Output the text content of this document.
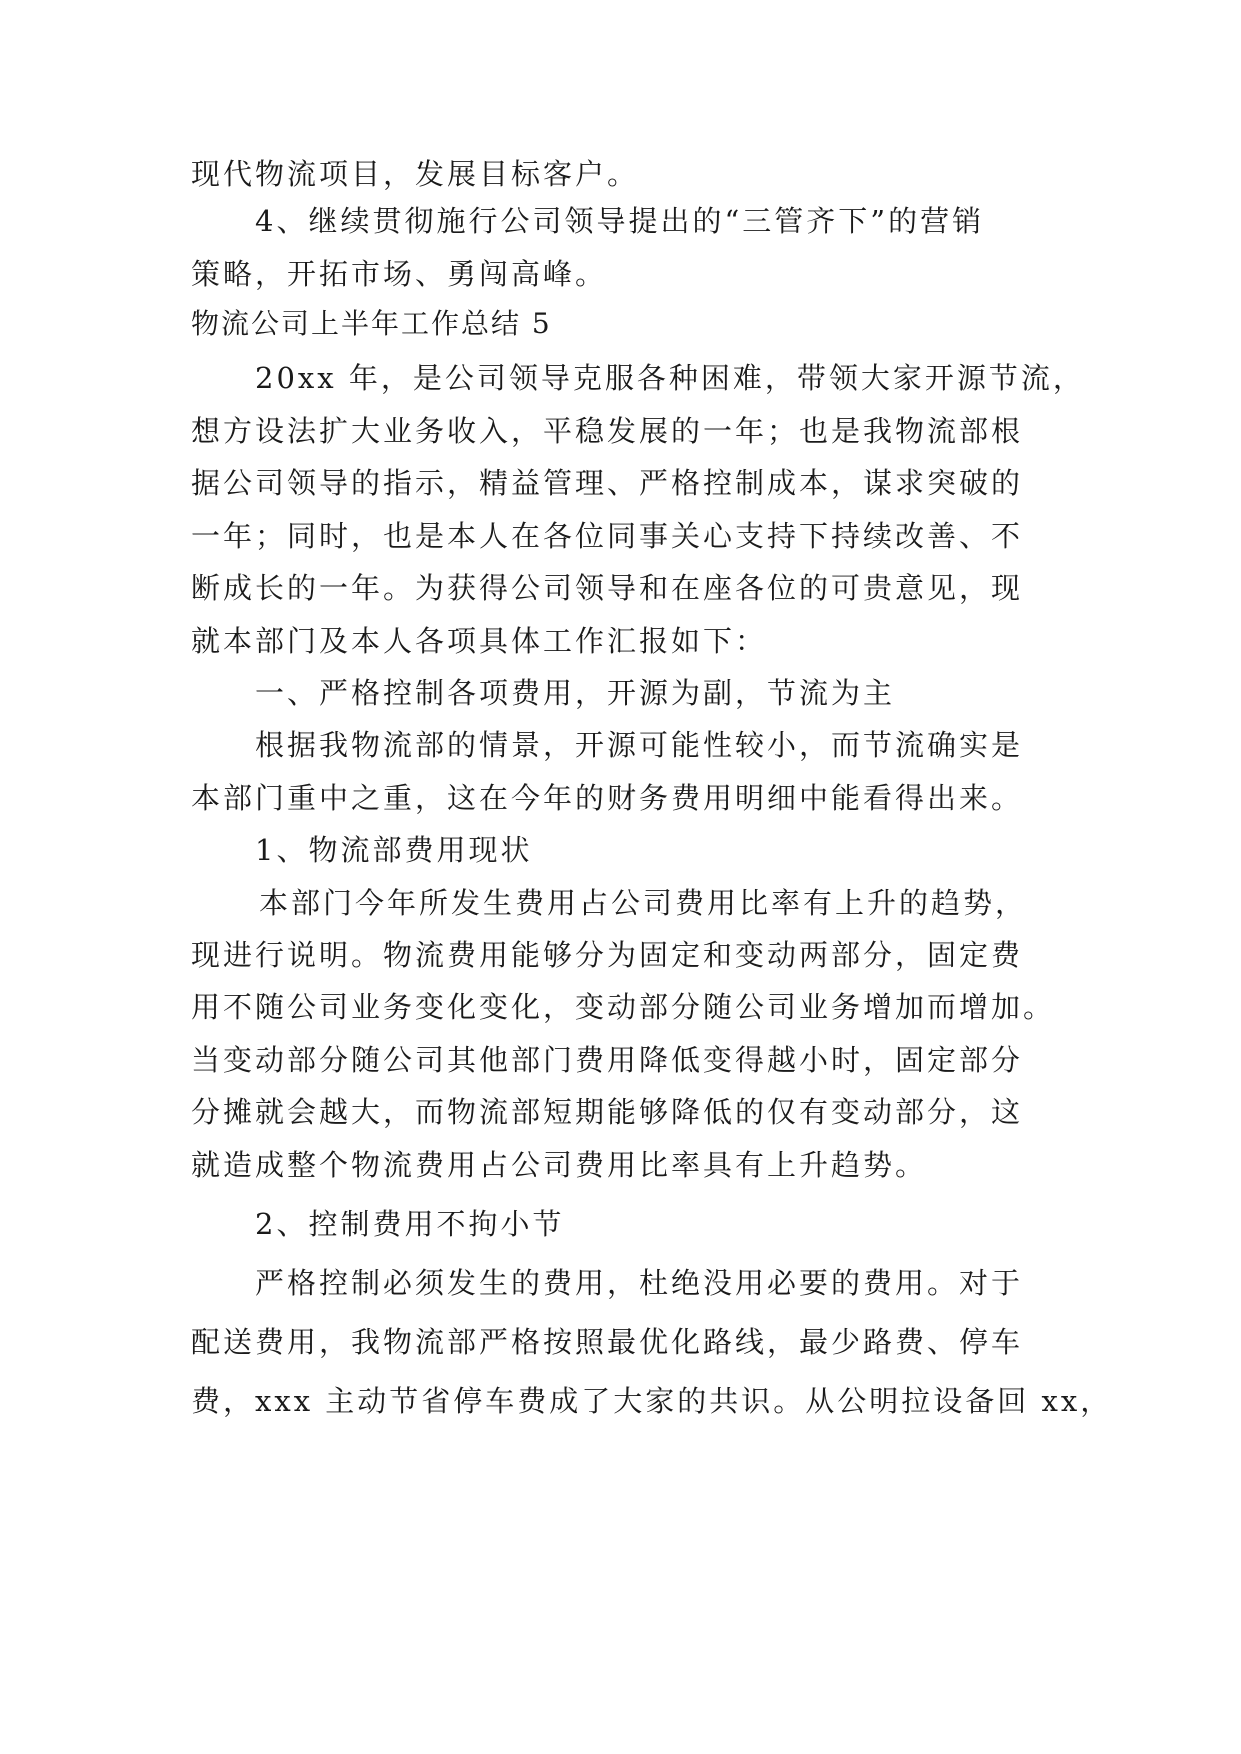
现代物流项目，发展目标客户。
4、继续贯彻施行公司领导提出的“三管齐下”的营销
策略，开拓市场、勇闯高峰。
物流公司上半年工作总结 5
20xx 年，是公司领导克服各种困难，带领大家开源节流，
想方设法扩大业务收入，平稳发展的一年；也是我物流部根
据公司领导的指示，精益管理、严格控制成本，谋求突破的
一年；同时，也是本人在各位同事关心支持下持续改善、不
断成长的一年。为获得公司领导和在座各位的可贵意见，现
就本部门及本人各项具体工作汇报如下：
一、严格控制各项费用，开源为副，节流为主
根据我物流部的情景，开源可能性较小，而节流确实是
本部门重中之重，这在今年的财务费用明细中能看得出来。
1、物流部费用现状
本部门今年所发生费用占公司费用比率有上升的趋势，
现进行说明。物流费用能够分为固定和变动两部分，固定费
用不随公司业务变化变化，变动部分随公司业务增加而增加。
当变动部分随公司其他部门费用降低变得越小时，固定部分
分摊就会越大，而物流部短期能够降低的仅有变动部分，这
就造成整个物流费用占公司费用比率具有上升趋势。
2、控制费用不拘小节
严格控制必须发生的费用，杜绝没用必要的费用。对于
配送费用，我物流部严格按照最优化路线，最少路费、停车
费，xxx 主动节省停车费成了大家的共识。从公明拉设备回 xx，
